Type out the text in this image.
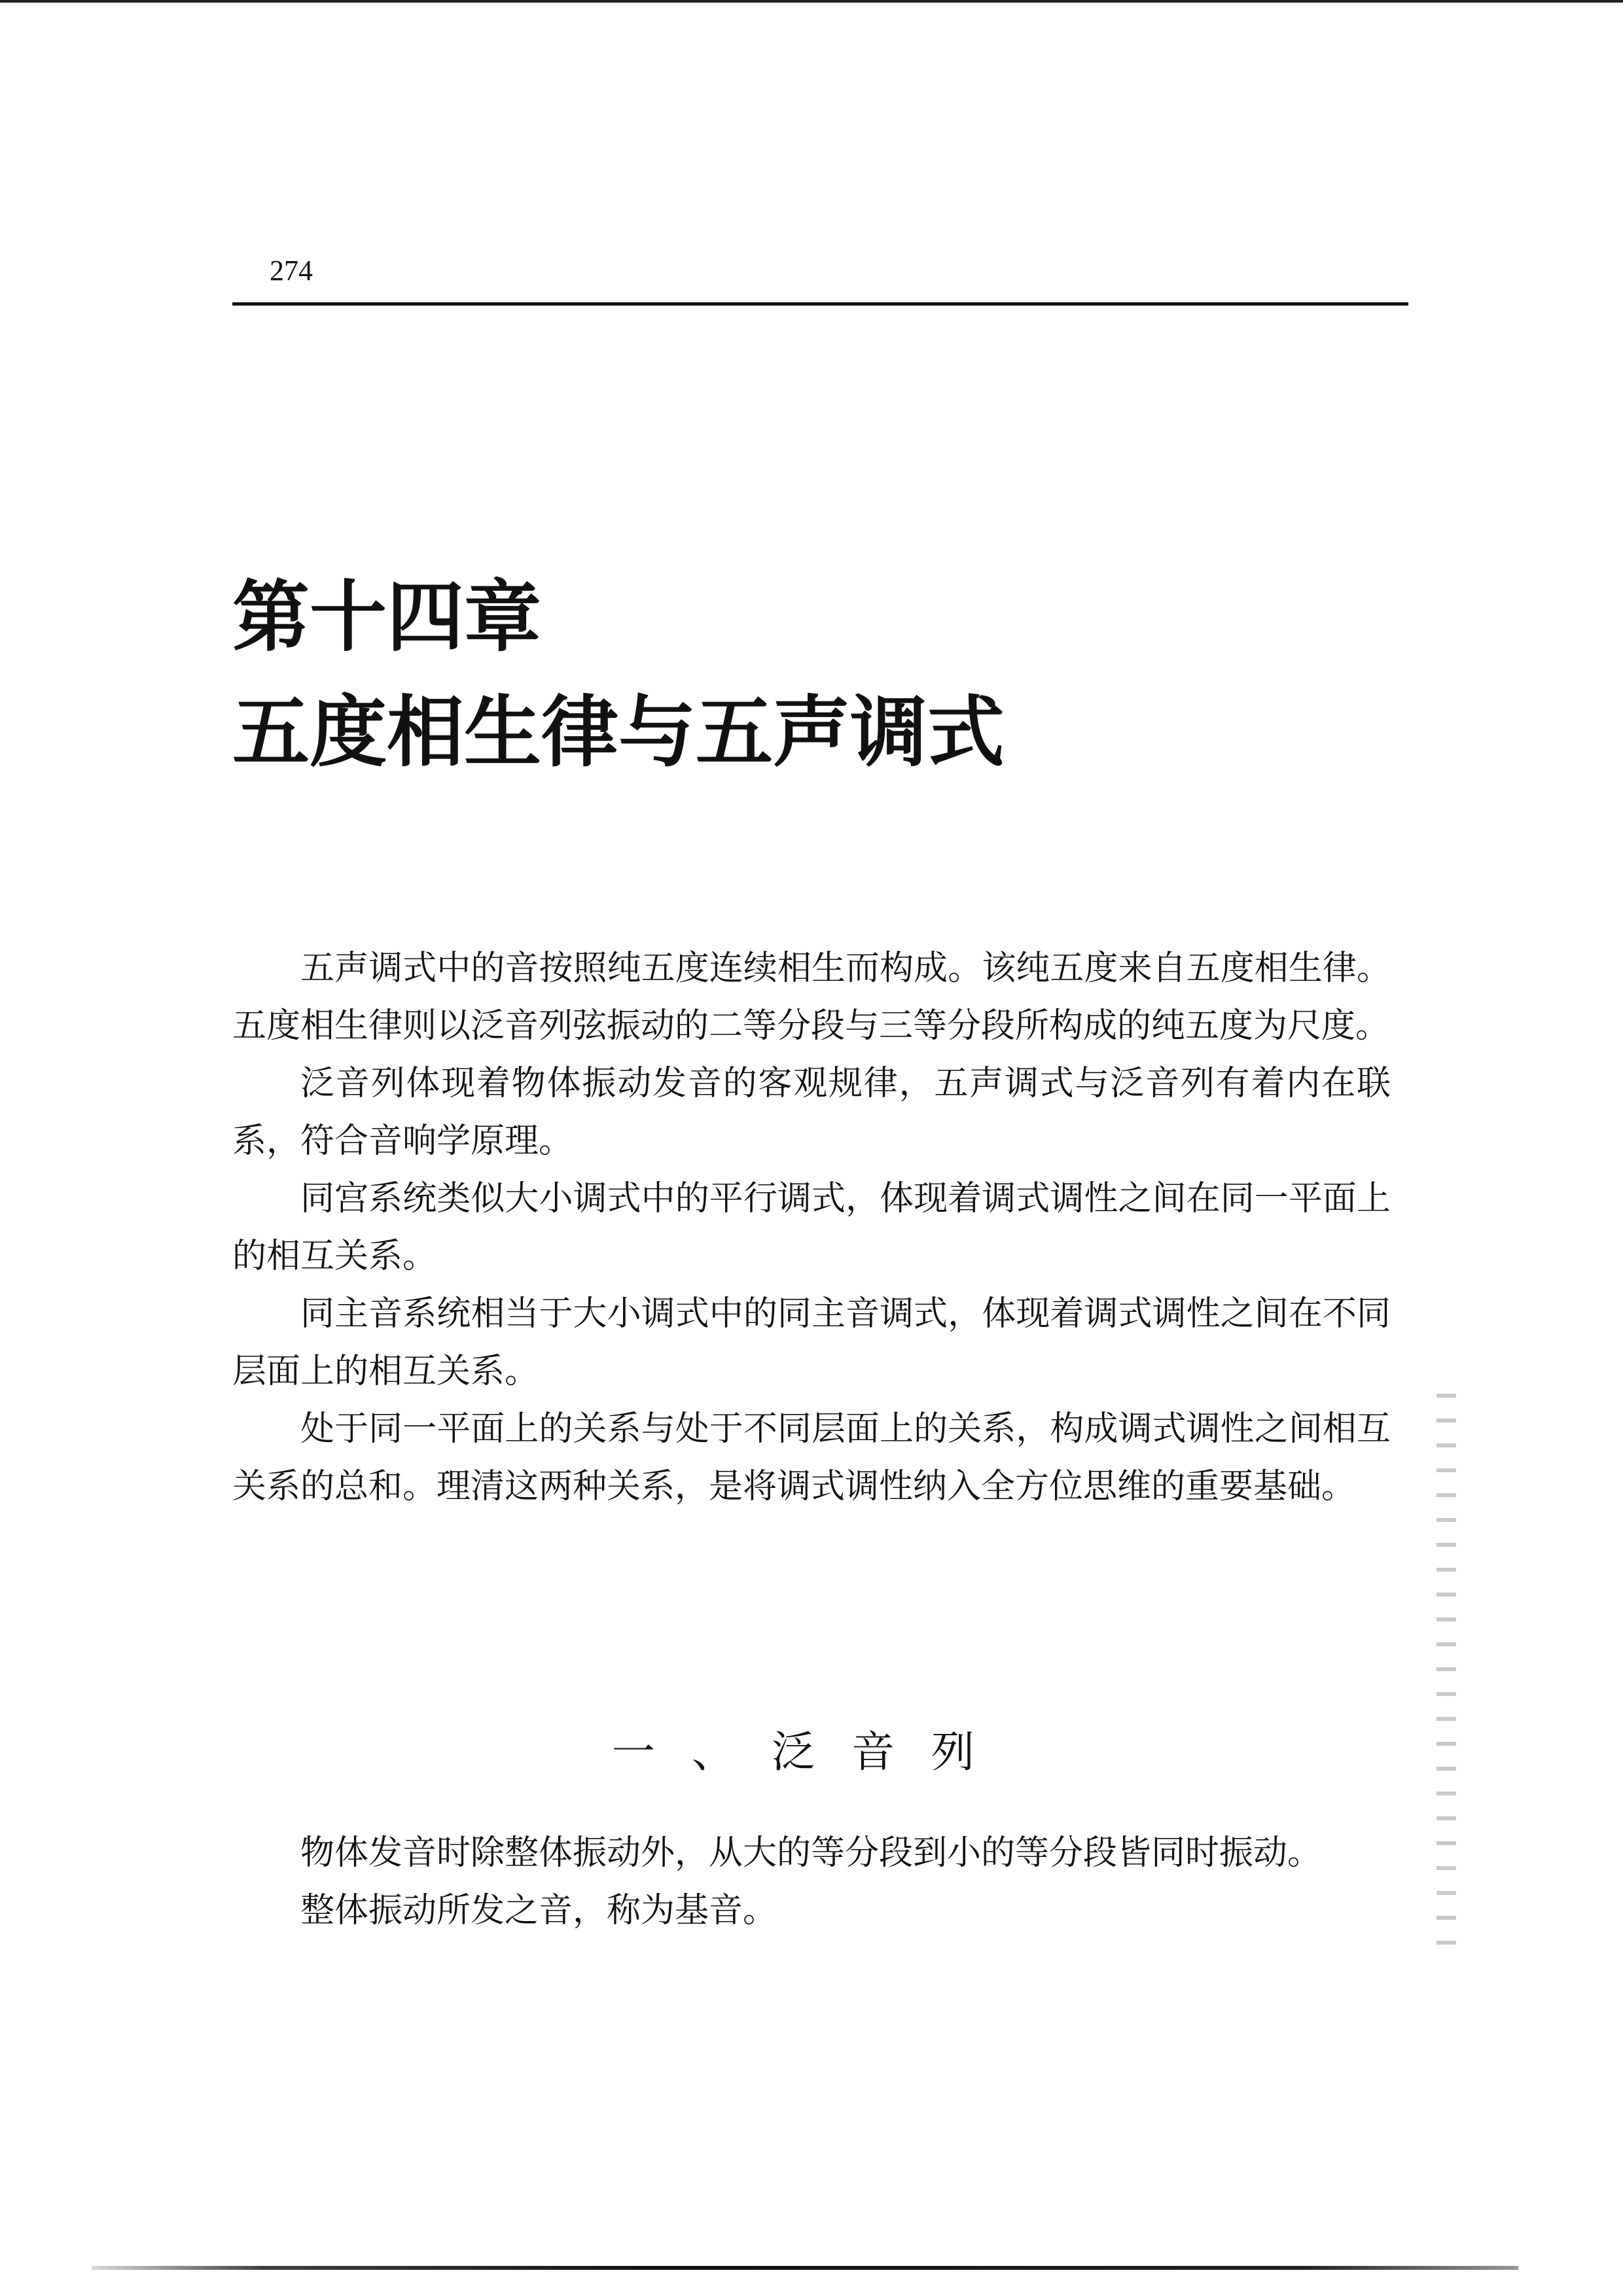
274
第十四章
五度相生律与五声调式

五声调式中的音按照纯五度连续相生而构成。该纯五度来自五度相生律。五度相生律则以泛音列弦振动的二等分段与三等分段所构成的纯五度为尺度。

泛音列体现着物体振动发音的客观规律，五声调式与泛音列有着内在联系，符合音响学原理。

同宫系统类似大小调式中的平行调式，体现着调式调性之间在同一平面上的相互关系。

同主音系统相当于大小调式中的同主音调式，体现着调式调性之间在不同层面上的相互关系。

处于同一平面上的关系与处于不同层面上的关系，构成调式调性之间相互关系的总和。理清这两种关系，是将调式调性纳入全方位思维的重要基础。

一、泛音列

物体发音时除整体振动外，从大的等分段到小的等分段皆同时振动。

整体振动所发之音，称为基音。
